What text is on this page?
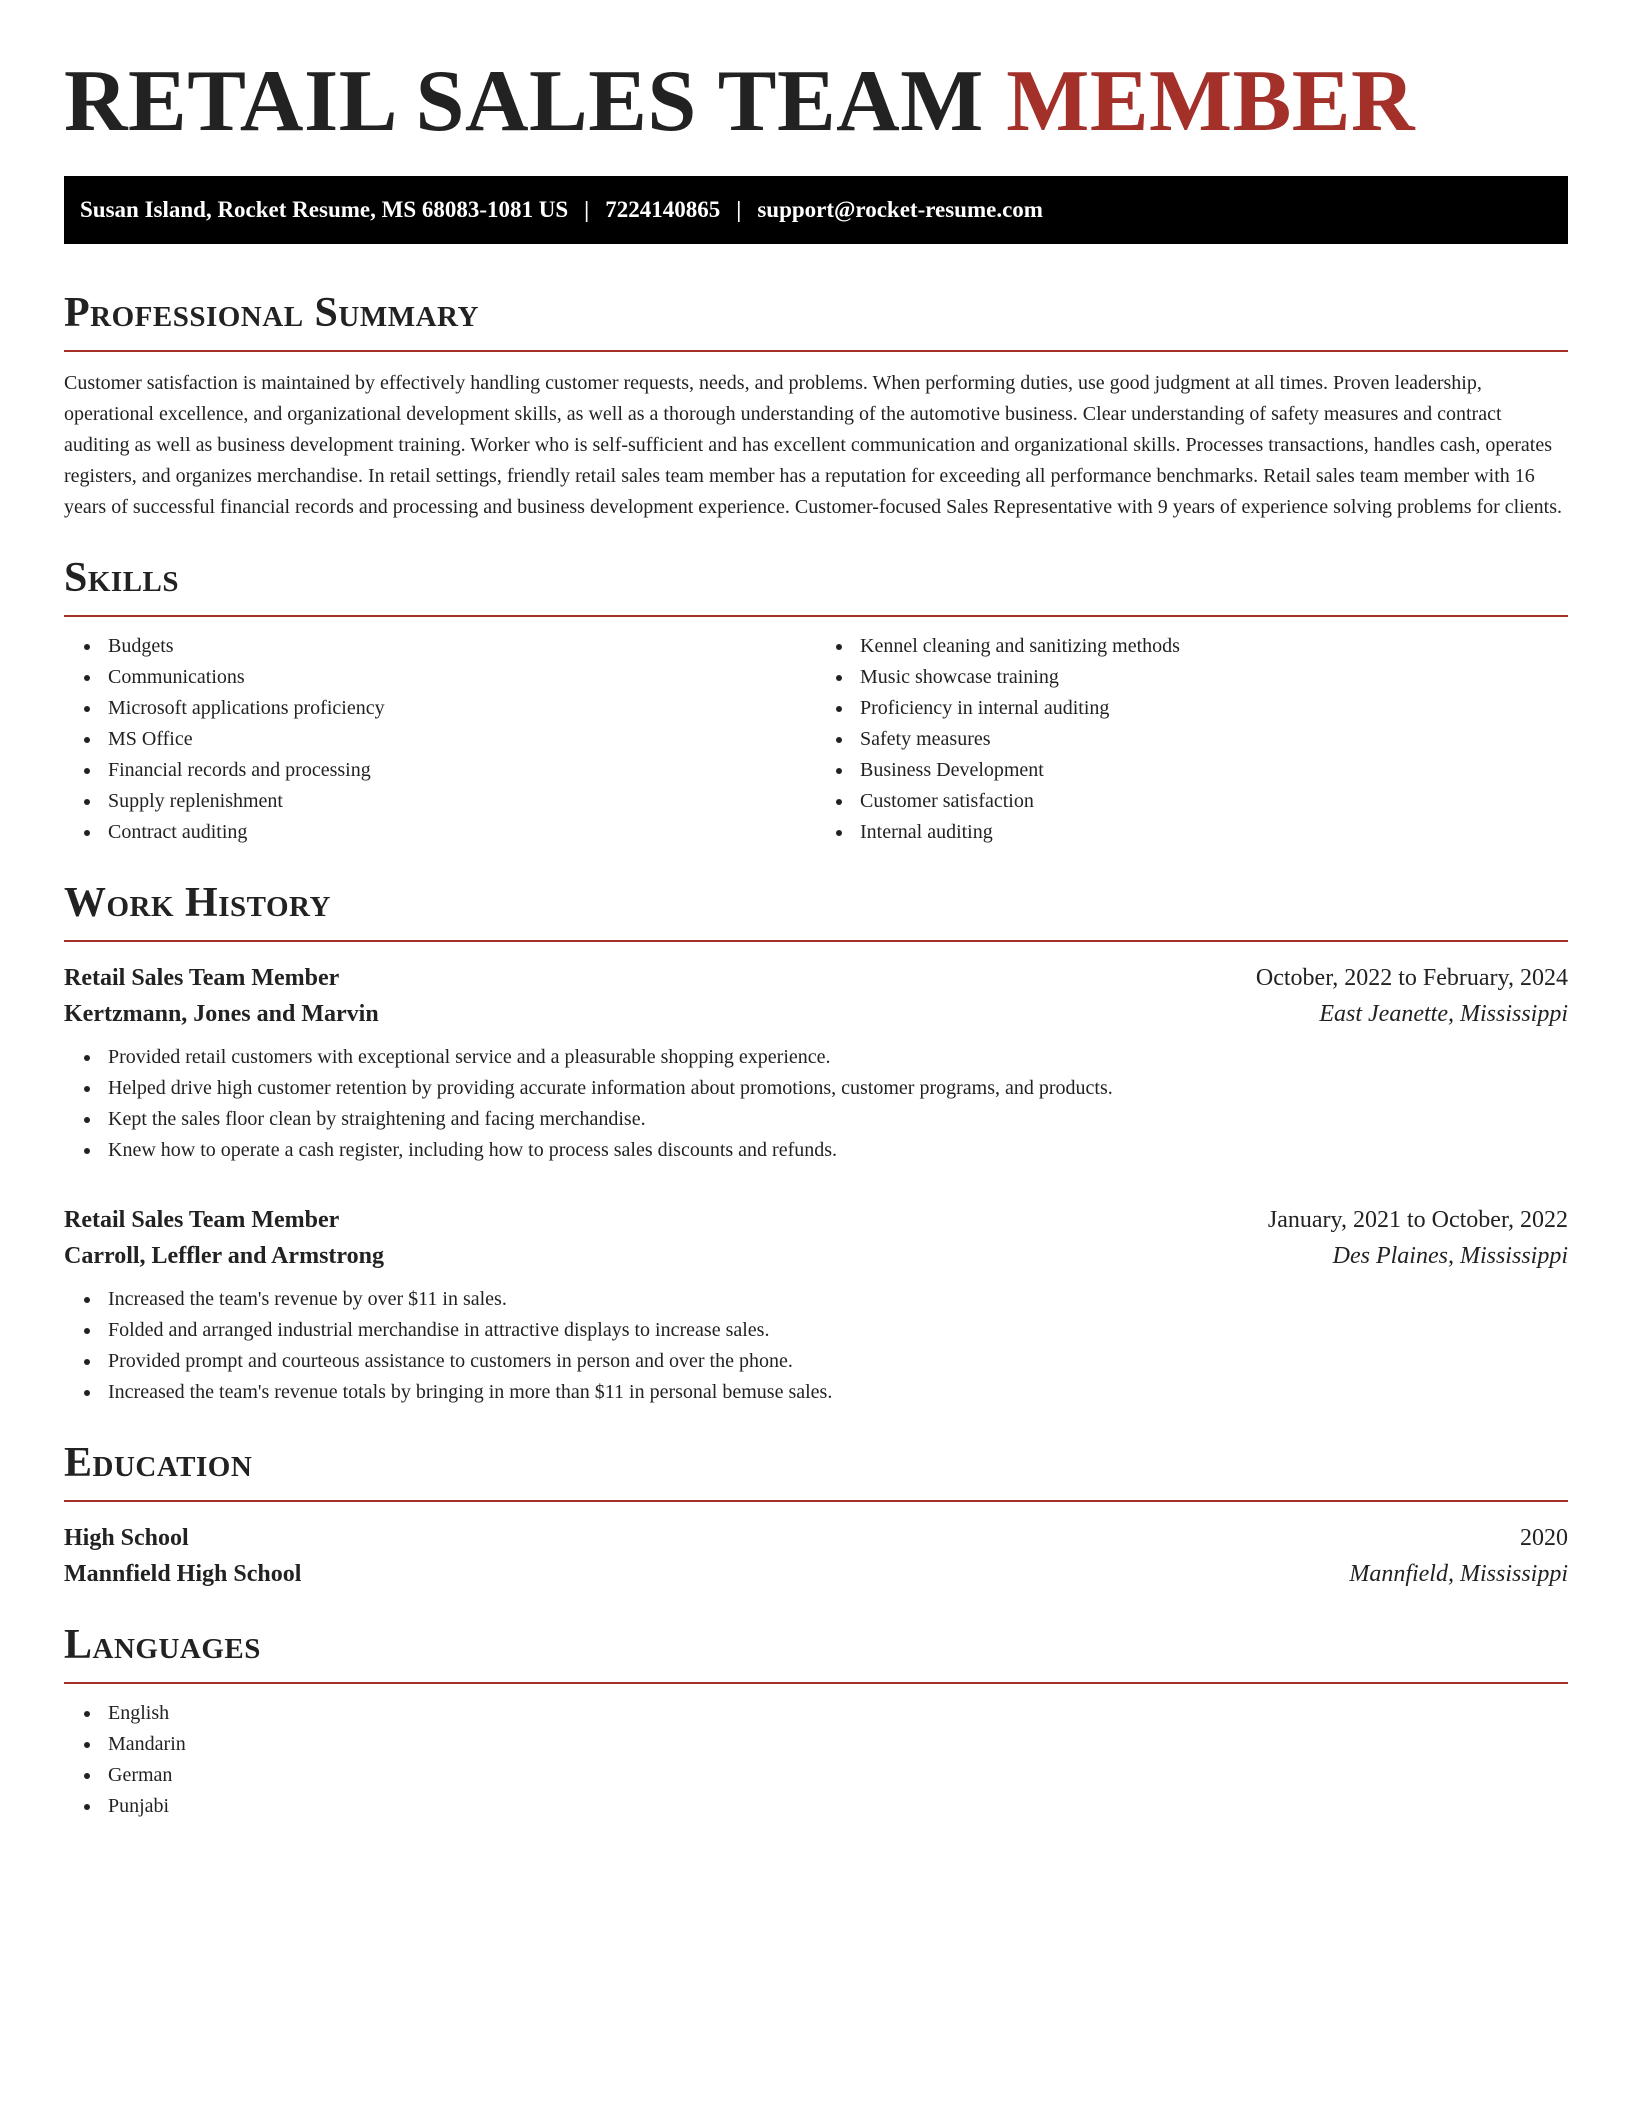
RETAIL SALES TEAM MEMBER
Susan Island, Rocket Resume, MS 68083-1081 US | 7224140865 | support@rocket-resume.com
Professional Summary

Customer satisfaction is maintained by effectively handling customer requests, needs, and problems. When performing duties, use good judgment at all times. Proven leadership, operational excellence, and organizational development skills, as well as a thorough understanding of the automotive business. Clear understanding of safety measures and contract auditing as well as business development training. Worker who is self-sufficient and has excellent communication and organizational skills. Processes transactions, handles cash, operates registers, and organizes merchandise. In retail settings, friendly retail sales team member has a reputation for exceeding all performance benchmarks. Retail sales team member with 16 years of successful financial records and processing and business development experience. Customer-focused Sales Representative with 9 years of experience solving problems for clients.

Skills
Budgets
Communications
Microsoft applications proficiency
MS Office
Financial records and processing
Supply replenishment
Contract auditing
Kennel cleaning and sanitizing methods
Music showcase training
Proficiency in internal auditing
Safety measures
Business Development
Customer satisfaction
Internal auditing
Work History
Retail Sales Team Member	October, 2022 to February, 2024
Kertzmann, Jones and Marvin	East Jeanette, Mississippi
Provided retail customers with exceptional service and a pleasurable shopping experience.
Helped drive high customer retention by providing accurate information about promotions, customer programs, and products.
Kept the sales floor clean by straightening and facing merchandise.
Knew how to operate a cash register, including how to process sales discounts and refunds.
Retail Sales Team Member	January, 2021 to October, 2022
Carroll, Leffler and Armstrong	Des Plaines, Mississippi
Increased the team's revenue by over $11 in sales.
Folded and arranged industrial merchandise in attractive displays to increase sales.
Provided prompt and courteous assistance to customers in person and over the phone.
Increased the team's revenue totals by bringing in more than $11 in personal bemuse sales.
Education
High School	2020
Mannfield High School	Mannfield, Mississippi
Languages
English
Mandarin
German
Punjabi
